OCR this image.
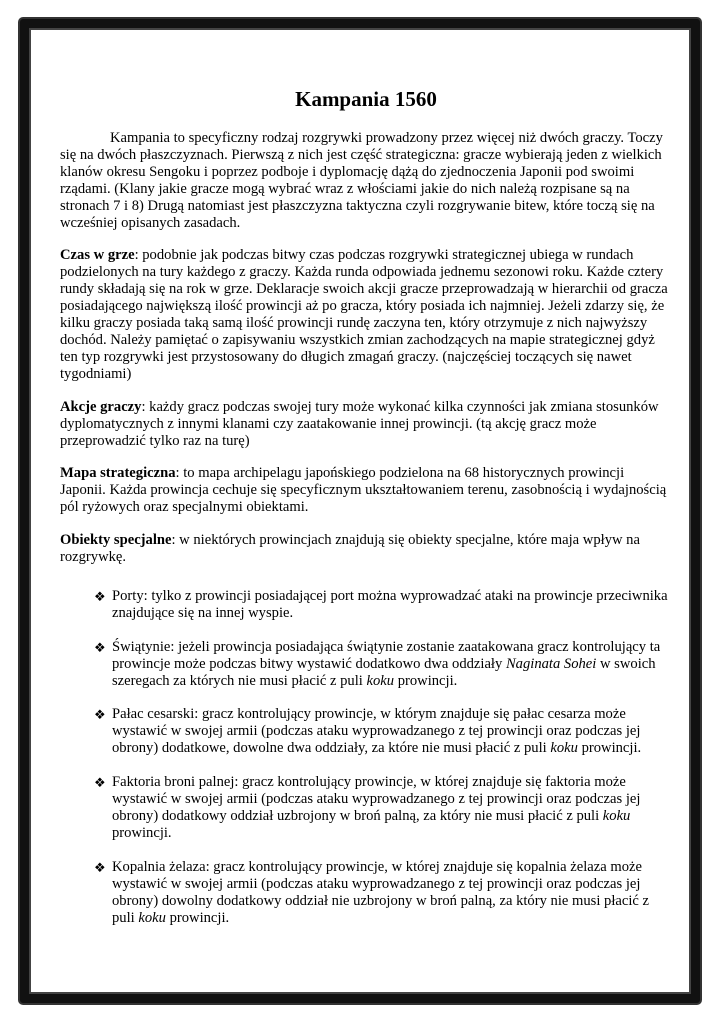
Kampania 1560

Kampania to specyficzny rodzaj rozgrywki prowadzony przez więcej niż dwóch graczy. Toczy się na dwóch płaszczyznach. Pierwszą z nich jest część strategiczna: gracze wybierają jeden z wielkich klanów okresu Sengoku i poprzez podboje i dyplomację dążą do zjednoczenia Japonii pod swoimi rządami. (Klany jakie gracze mogą wybrać wraz z włościami jakie do nich należą rozpisane są na stronach 7 i 8) Drugą natomiast jest płaszczyzna taktyczna czyli rozgrywanie bitew, które toczą się na wcześniej opisanych zasadach.

Czas w grze: podobnie jak podczas bitwy czas podczas rozgrywki strategicznej ubiega w rundach podzielonych na tury każdego z graczy. Każda runda odpowiada jednemu sezonowi roku. Każde cztery rundy składają się na rok w grze. Deklaracje swoich akcji gracze przeprowadzają w hierarchii od gracza posiadającego największą ilość prowincji aż po gracza, który posiada ich najmniej. Jeżeli zdarzy się, że kilku graczy posiada taką samą ilość prowincji rundę zaczyna ten, który otrzymuje z nich najwyższy dochód. Należy pamiętać o zapisywaniu wszystkich zmian zachodzących na mapie strategicznej gdyż ten typ rozgrywki jest przystosowany do długich zmagań graczy. (najczęściej toczących się nawet tygodniami)

Akcje graczy: każdy gracz podczas swojej tury może wykonać kilka czynności jak zmiana stosunków dyplomatycznych z innymi klanami czy zaatakowanie innej prowincji. (tą akcję gracz może przeprowadzić tylko raz na turę)

Mapa strategiczna: to mapa archipelagu japońskiego podzielona na 68 historycznych prowincji Japonii. Każda prowincja cechuje się specyficznym ukształtowaniem terenu, zasobnością i wydajnością pól ryżowych oraz specjalnymi obiektami.

Obiekty specjalne: w niektórych prowincjach znajdują się obiekty specjalne, które maja wpływ na rozgrywkę.

❖ Porty: tylko z prowincji posiadającej port można wyprowadzać ataki na prowincje przeciwnika znajdujące się na innej wyspie.
❖ Świątynie: jeżeli prowincja posiadająca świątynie zostanie zaatakowana gracz kontrolujący ta prowincje może podczas bitwy wystawić dodatkowo dwa oddziały Naginata Sohei w swoich szeregach za których nie musi płacić z puli koku prowincji.
❖ Pałac cesarski: gracz kontrolujący prowincje, w którym znajduje się pałac cesarza może wystawić w swojej armii (podczas ataku wyprowadzanego z tej prowincji oraz podczas jej obrony) dodatkowe, dowolne dwa oddziały, za które nie musi płacić z puli koku prowincji.
❖ Faktoria broni palnej: gracz kontrolujący prowincje, w której znajduje się faktoria może wystawić w swojej armii (podczas ataku wyprowadzanego z tej prowincji oraz podczas jej obrony) dodatkowy oddział uzbrojony w broń palną, za który nie musi płacić z puli koku prowincji.
❖ Kopalnia żelaza: gracz kontrolujący prowincje, w której znajduje się kopalnia żelaza może wystawić w swojej armii (podczas ataku wyprowadzanego z tej prowincji oraz podczas jej obrony) dowolny dodatkowy oddział nie uzbrojony w broń palną, za który nie musi płacić z puli koku prowincji.
